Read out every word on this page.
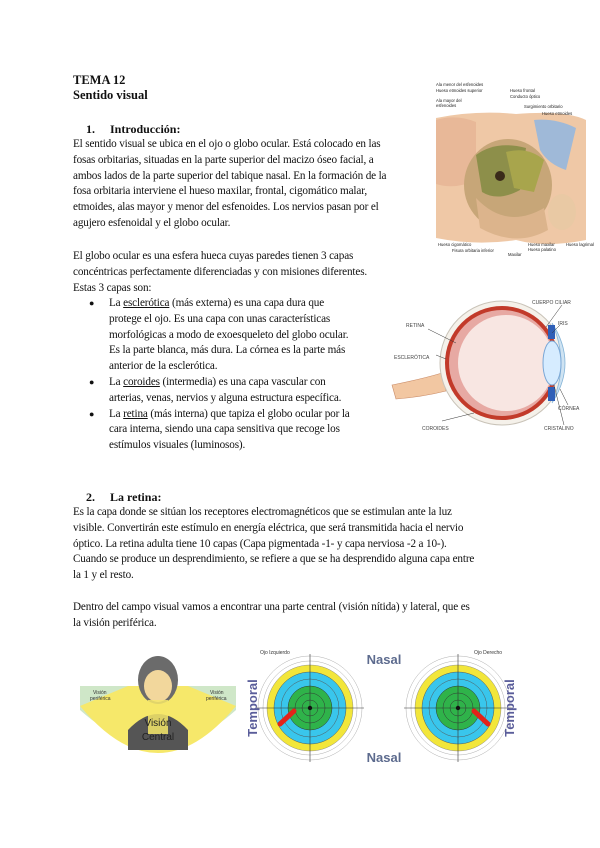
TEMA 12
Sentido visual
1. Introducción:
El sentido visual se ubica en el ojo o globo ocular. Está colocado en las
fosas orbitarias, situadas en la parte superior del macizo óseo facial, a
ambos lados de la parte superior del tabique nasal. En la formación de la
fosa orbitaria interviene el hueso maxilar, frontal, cigomático malar,
etmoides, alas mayor y menor del esfenoides. Los nervios pasan por el
agujero esfenoidal y el globo ocular.
El globo ocular es una esfera hueca cuyas paredes tienen 3 capas
concéntricas perfectamente diferenciadas y con misiones diferentes.
Estas 3 capas son:
● La esclerótica (más externa) es una capa dura que
protege el ojo. Es una capa con unas características
morfológicas a modo de exoesqueleto del globo ocular.
Es la parte blanca, más dura. La córnea es la parte más
anterior de la esclerótica.
● La coroides (intermedia) es una capa vascular con
arterias, venas, nervios y alguna estructura específica.
● La retina (más interna) que tapiza el globo ocular por la
cara interna, siendo una capa sensitiva que recoge los
estímulos visuales (luminosos).
2. La retina:
Es la capa donde se sitúan los receptores electromagnéticos que se estimulan ante la luz
visible. Convertirán este estímulo en energía eléctrica, que será transmitida hacia el nervio
óptico. La retina adulta tiene 10 capas (Capa pigmentada -1- y capa nerviosa -2 a 10-).
Cuando se produce un desprendimiento, se refiere a que se ha desprendido alguna capa entre
la 1 y el resto.
Dentro del campo visual vamos a encontrar una parte central (visión nítida) y lateral, que es
la visión periférica.
Ala menor del esfenoides
Hueso etmoides superior
Ala mayor del
esfenoides
Hueso frontal
Conducto óptico
Surgimiento orbitario
Hueso etmoides
Hueso cigomático
Fisura orbitaria inferior
Hueso maxilar
Hueso palatino
Hueso lagrimal
Maxilar
CUERPO CILIAR
RETINA	IRIS
ESCLERÓTICA
CÓRNEA
COROIDES	CRISTALINO
Visión
periférica
Visión
periférica
Visión
Central
Ojo Izquierdo	Ojo Derecho
Nasal
Nasal
Temporal	Temporal
